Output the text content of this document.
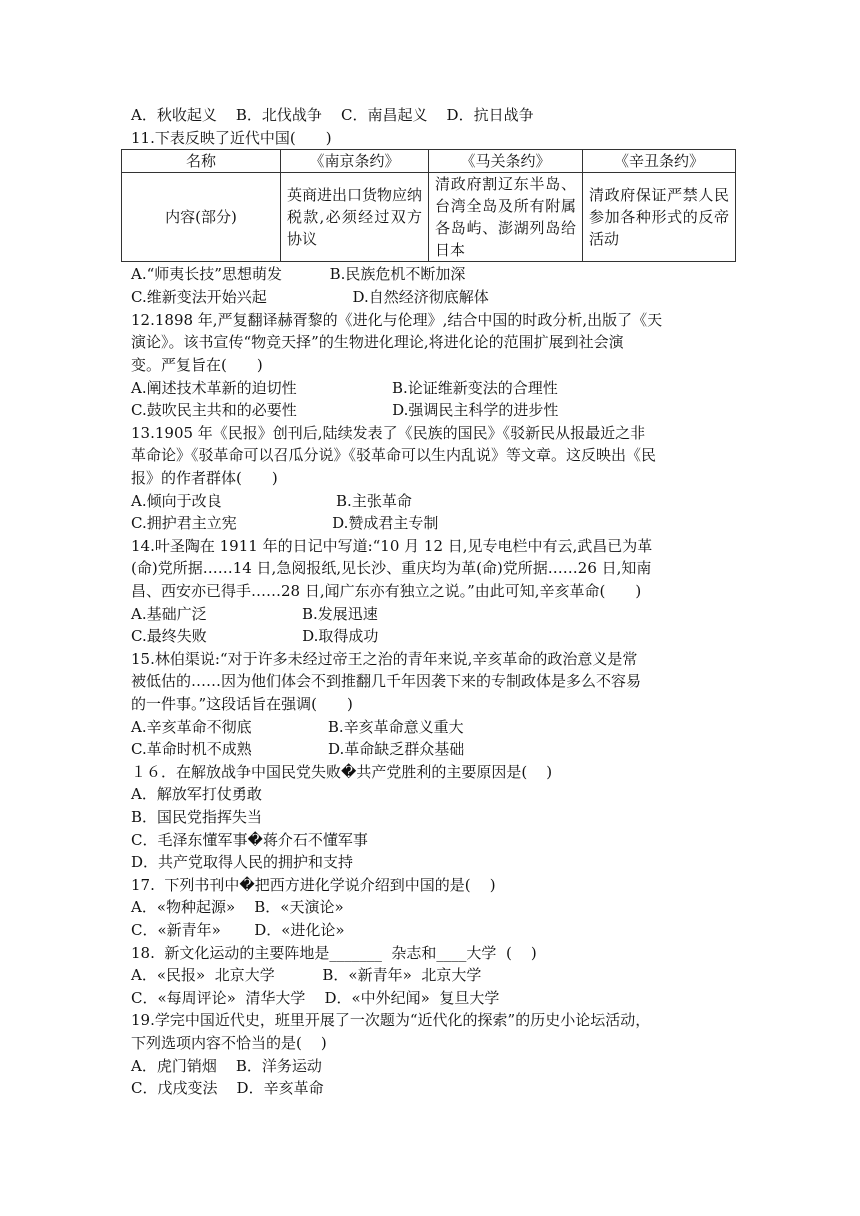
A．秋收起义    B．北伐战争    C．南昌起义    D．抗日战争
11.下表反映了近代中国(　　)
名称	《南京条约》	《马关条约》	《辛丑条约》
内容(部分)	英商进出口货物应纳税款,必须经过双方协议	清政府割辽东半岛、台湾全岛及所有附属各岛屿、澎湖列岛给日本	清政府保证严禁人民参加各种形式的反帝活动
A.“师夷长技”思想萌发          B.民族危机不断加深
C.维新变法开始兴起                  D.自然经济彻底解体
12.1898 年,严复翻译赫胥黎的《进化与伦理》,结合中国的时政分析,出版了《天
演论》。该书宣传“物竞天择”的生物进化理论,将进化论的范围扩展到社会演
变。严复旨在(　　)
A.阐述技术革新的迫切性                    B.论证维新变法的合理性
C.鼓吹民主共和的必要性                    D.强调民主科学的进步性
13.1905 年《民报》创刊后,陆续发表了《民族的国民》《驳新民从报最近之非
革命论》《驳革命可以召瓜分说》《驳革命可以生内乱说》等文章。这反映出《民
报》的作者群体(　　)
A.倾向于改良                        B.主张革命
C.拥护君主立宪                    D.赞成君主专制
14.叶圣陶在 1911 年的日记中写道:“10 月 12 日,见专电栏中有云,武昌已为革
(命)党所据……14 日,急阅报纸,见长沙、重庆均为革(命)党所据……26 日,知南
昌、西安亦已得手……28 日,闻广东亦有独立之说。”由此可知,辛亥革命(　　)
A.基础广泛                    B.发展迅速
C.最终失败                    D.取得成功
15.林伯渠说:“对于许多未经过帝王之治的青年来说,辛亥革命的政治意义是常
被低估的……因为他们体会不到推翻几千年因袭下来的专制政体是多么不容易
的一件事。”这段话旨在强调(　　)
A.辛亥革命不彻底                B.辛亥革命意义重大
C.革命时机不成熟                D.革命缺乏群众基础
１６．在解放战争中国民党失败�共产党胜利的主要原因是(    )
A．解放军打仗勇敢
B．国民党指挥失当
C．毛泽东懂军事�蒋介石不懂军事
D．共产党取得人民的拥护和支持
17.  下列书刊中�把西方进化学说介绍到中国的是(    )
A．«物种起源»    B．«天演论»
C．«新青年»       D．«进化论»
18.  新文化运动的主要阵地是_______  杂志和____大学  (    )
A．«民报»  北京大学          B．«新青年»  北京大学
C．«每周评论»  清华大学    D．«中外纪闻»  复旦大学
19.学完中国近代史，班里开展了一次题为“近代化的探索”的历史小论坛活动，
下列选项内容不恰当的是(    )
A．虎门销烟    B．洋务运动
C．戊戌变法    D．辛亥革命
